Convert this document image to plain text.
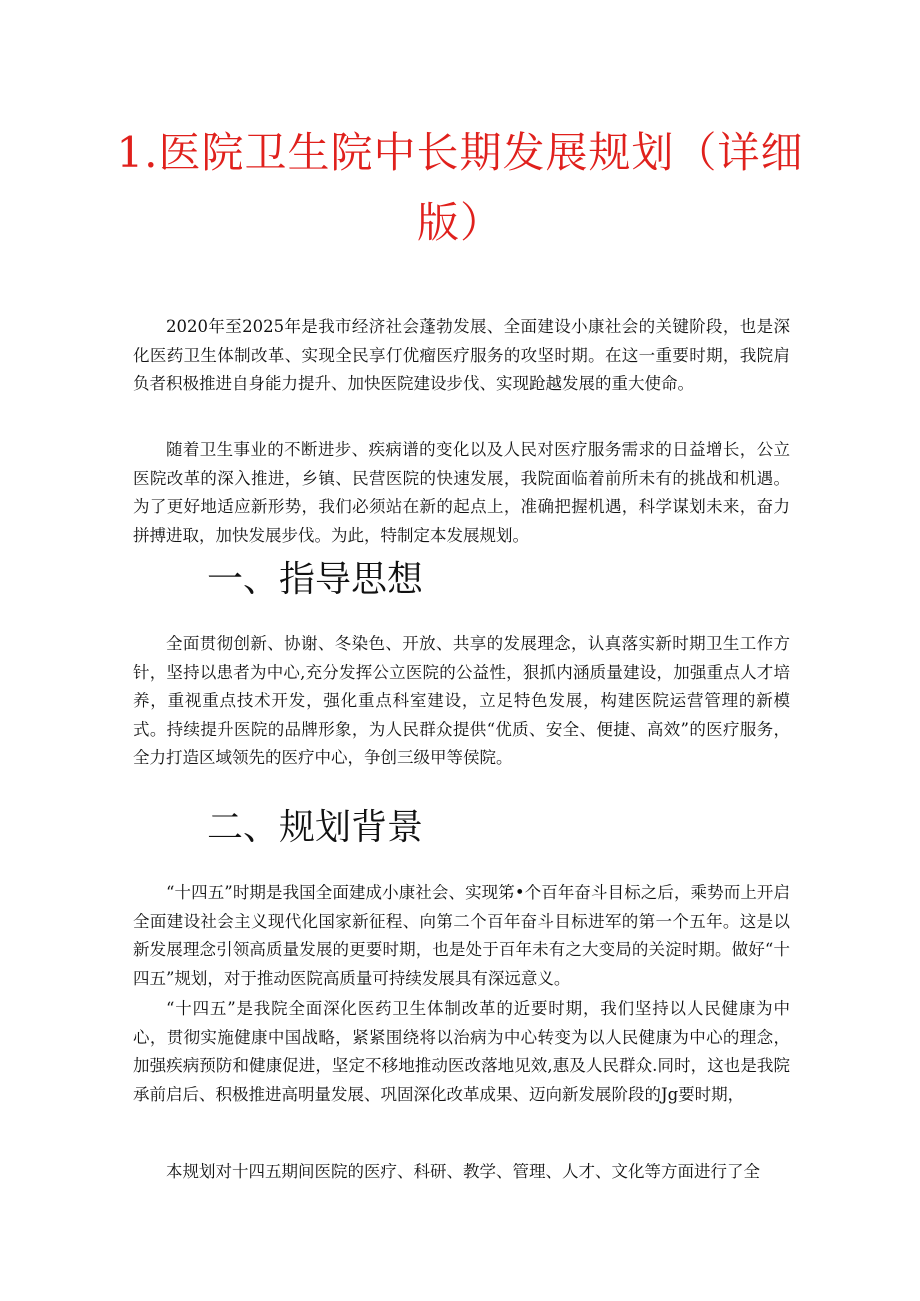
1.医院卫生院中长期发展规划（详细版）

2020年至2025年是我市经济社会蓬勃发展、全面建设小康社会的关键阶段，也是深化医药卫生体制改革、实现全民享仃优瘤医疗服务的攻坚时期。在这一重要时期，我院肩负者积极推进自身能力提升、加快医院建设步伐、实现跄越发展的重大使命。

随着卫生事业的不断进步、疾病谱的变化以及人民对医疗服务需求的日益增长，公立医院改革的深入推进，乡镇、民营医院的快速发展，我院面临着前所未有的挑战和机遇。为了更好地适应新形势，我们必须站在新的起点上，准确把握机遇，科学谋划未来，奋力拼搏进取，加快发展步伐。为此，特制定本发展规划。

一、指导思想

全面贯彻创新、协谢、冬染色、开放、共享的发展理念，认真落实新时期卫生工作方针，坚持以患者为中心,充分发挥公立医院的公益性，狠抓内涵质量建设，加强重点人才培养，重视重点技术开发，强化重点科室建设，立足特色发展，构建医院运营管理的新模式。持续提升医院的品牌形象，为人民群众提供“优质、安全、便捷、高效”的医疗服务，全力打造区域领先的医疗中心，争创三级甲等侯院。

二、规划背景

“十四五”时期是我国全面建成小康社会、实现笫•个百年奋斗目标之后，乘势而上开启全面建设社会主义现代化国家新征程、向第二个百年奋斗目标进军的第一个五年。这是以新发展理念引领高质量发展的更要时期，也是处于百年未有之大变局的关淀时期。做好“十四五”规划，对于推动医院高质量可持续发展具有深远意义。

“十四五”是我院全面深化医药卫生体制改革的近要时期，我们坚持以人民健康为中心，贯彻实施健康中国战略，紧紧围绕将以治病为中心转变为以人民健康为中心的理念，加强疾病预防和健康促进，坚定不移地推动医改落地见效,惠及人民群众.同时，这也是我院承前启后、积极推进高明量发展、巩固深化改革成果、迈向新发展阶段的Jg要时期，

本规划对十四五期间医院的医疗、科研、教学、管理、人才、文化等方面进行了全
